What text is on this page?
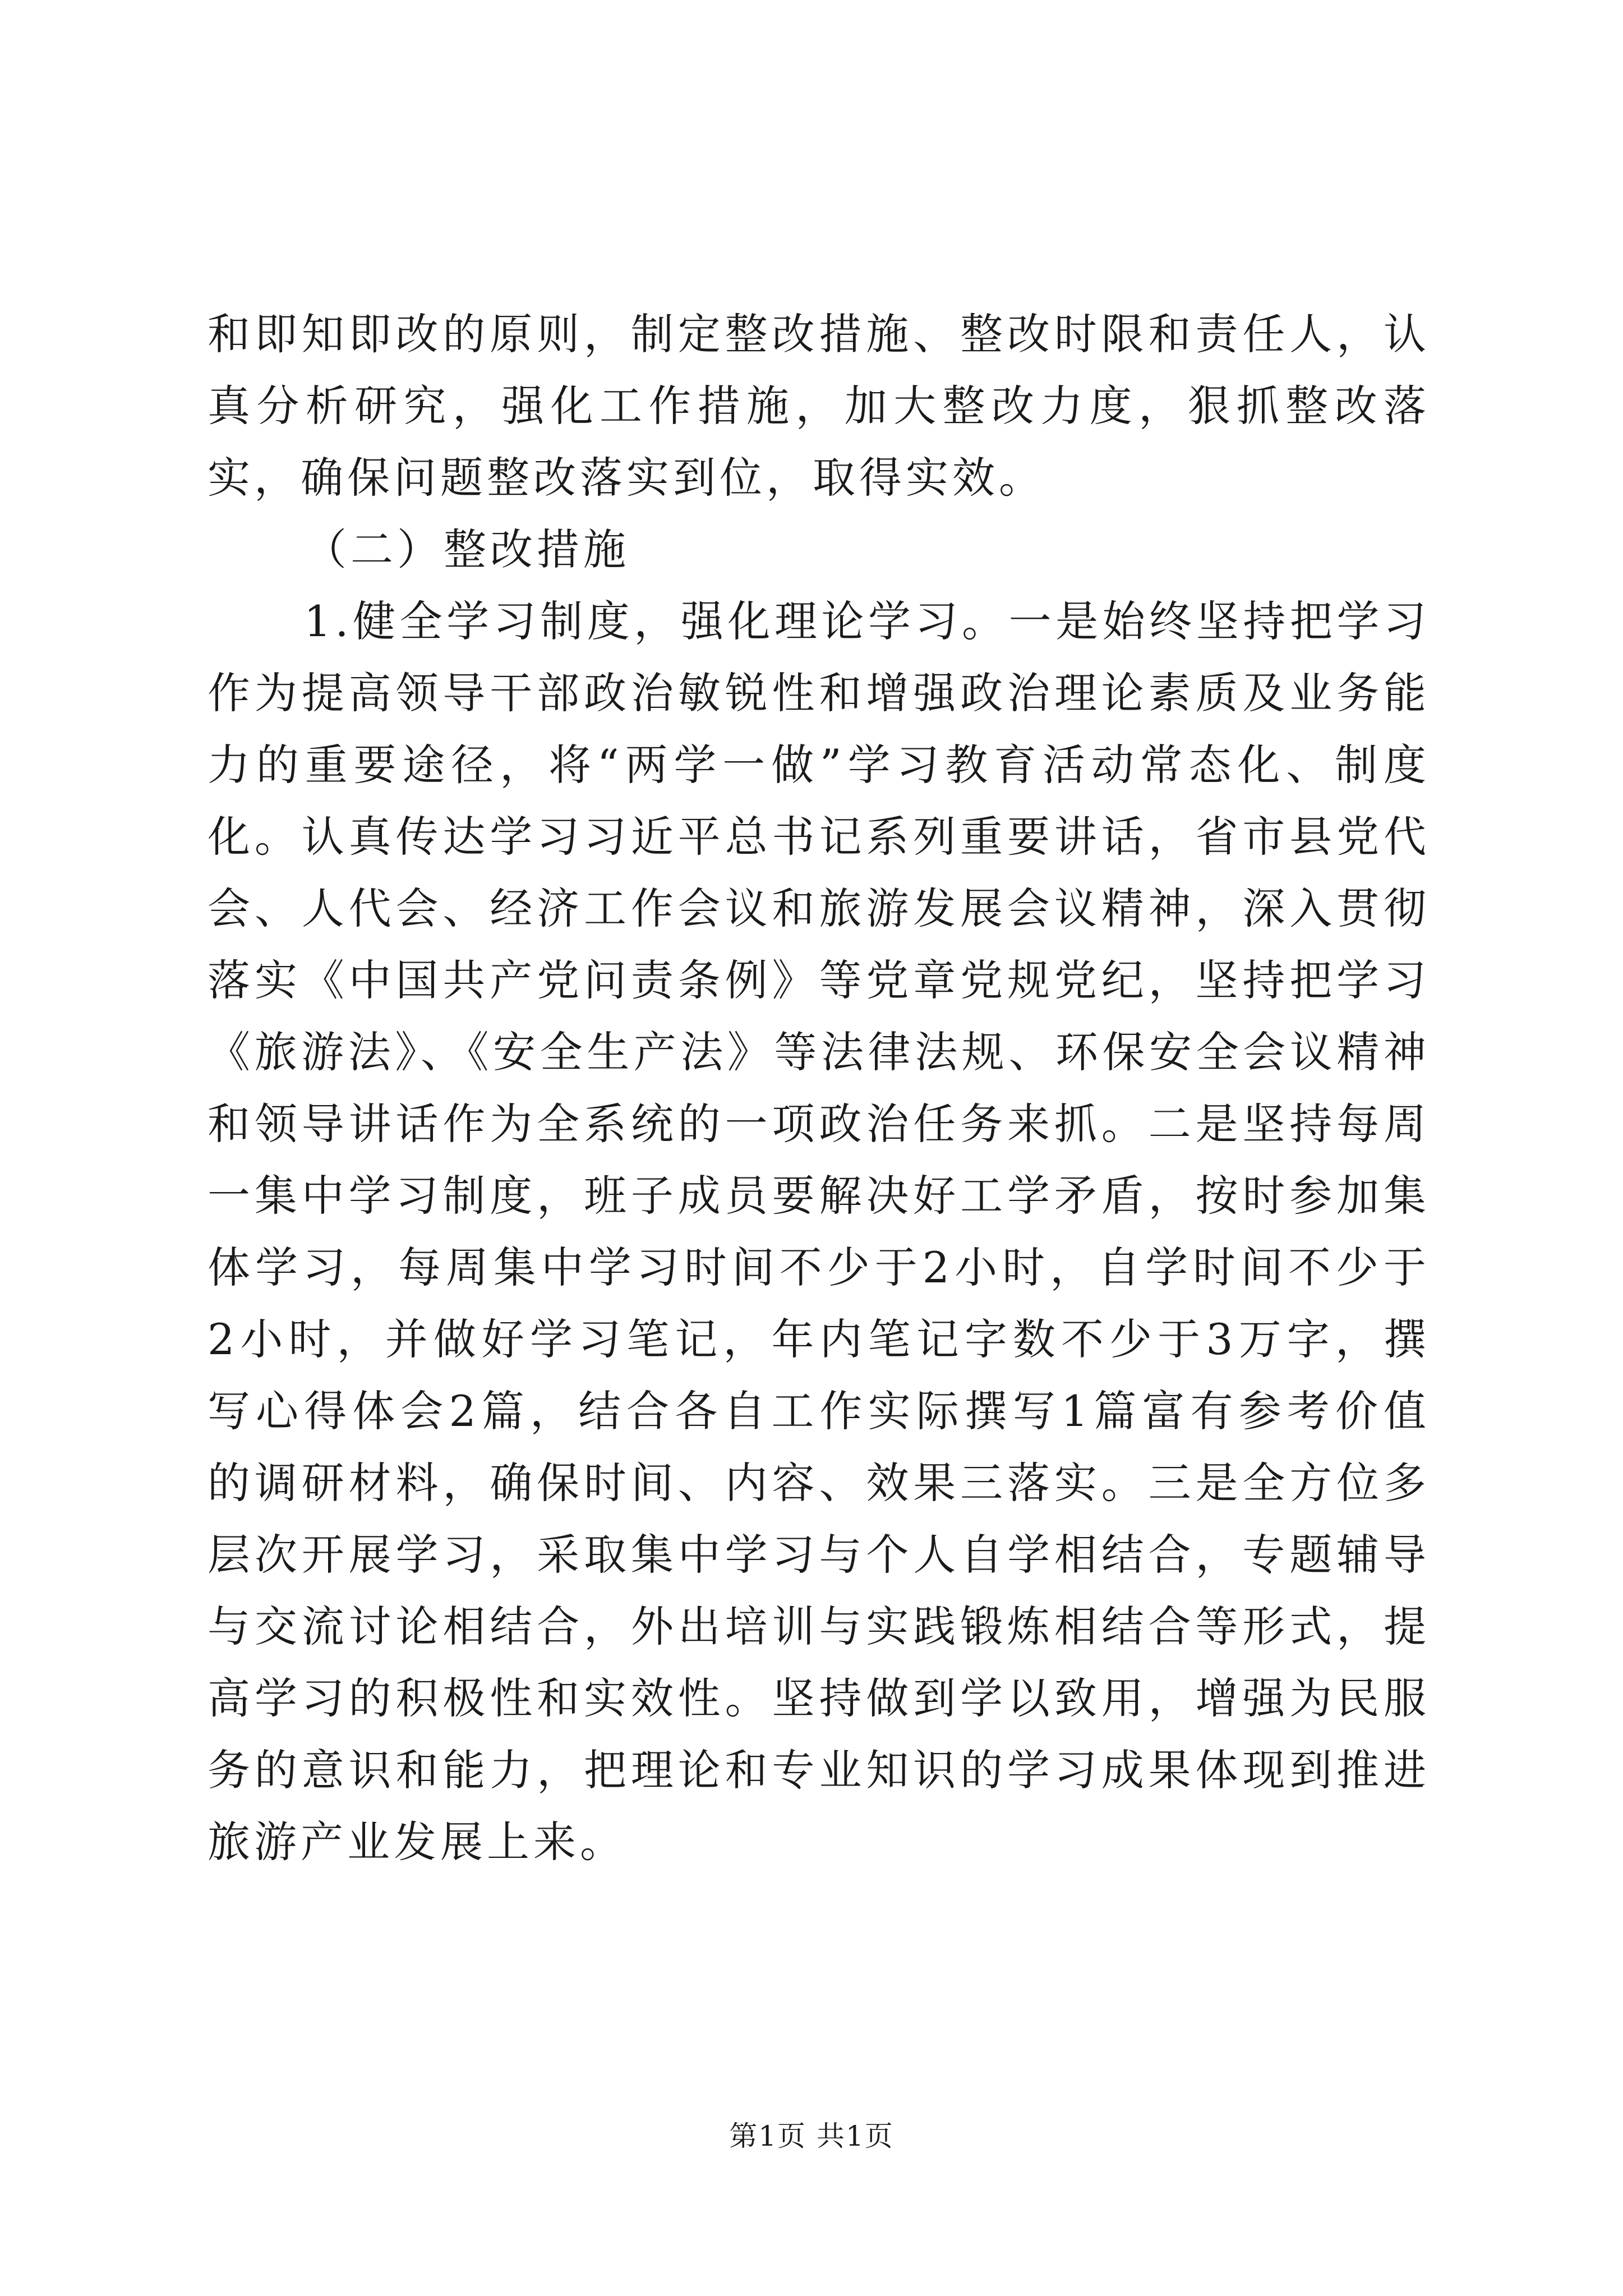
和即知即改的原则，制定整改措施、整改时限和责任人，认真分析研究，强化工作措施，加大整改力度，狠抓整改落实，确保问题整改落实到位，取得实效。

（二）整改措施

1.健全学习制度，强化理论学习。一是始终坚持把学习作为提高领导干部政治敏锐性和增强政治理论素质及业务能力的重要途径，将“两学一做”学习教育活动常态化、制度化。认真传达学习习近平总书记系列重要讲话，省市县党代会、人代会、经济工作会议和旅游发展会议精神，深入贯彻落实《中国共产党问责条例》等党章党规党纪，坚持把学习《旅游法》、《安全生产法》等法律法规、环保安全会议精神和领导讲话作为全系统的一项政治任务来抓。二是坚持每周一集中学习制度，班子成员要解决好工学矛盾，按时参加集体学习，每周集中学习时间不少于2小时，自学时间不少于2小时，并做好学习笔记，年内笔记字数不少于3万字，撰写心得体会2篇，结合各自工作实际撰写1篇富有参考价值的调研材料，确保时间、内容、效果三落实。三是全方位多层次开展学习，采取集中学习与个人自学相结合，专题辅导与交流讨论相结合，外出培训与实践锻炼相结合等形式，提高学习的积极性和实效性。坚持做到学以致用，增强为民服务的意识和能力，把理论和专业知识的学习成果体现到推进旅游产业发展上来。

第1页 共1页
